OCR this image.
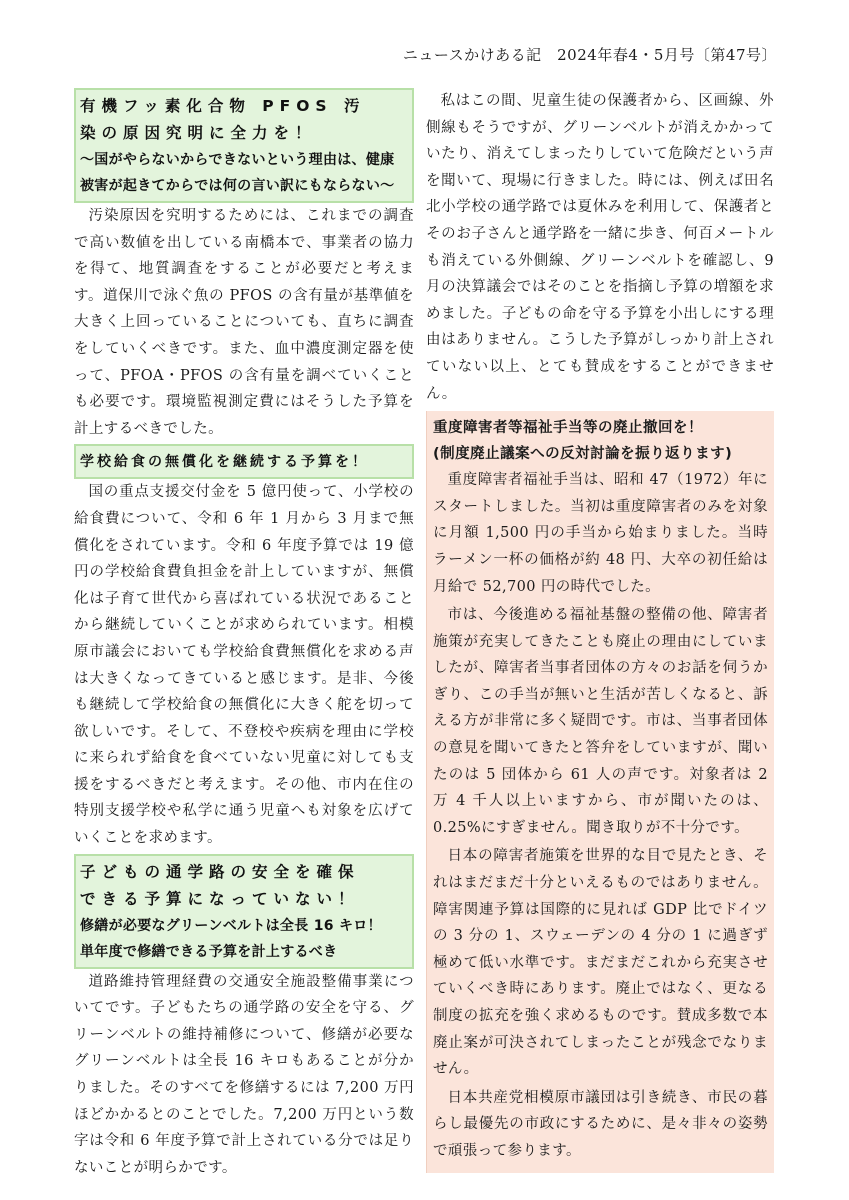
ニュースかけある記　2024年春4・5月号〔第47号〕
有機フッ素化合物 PFOS 汚
染の原因究明に全力を！
〜国がやらないからできないという理由は、健康
被害が起きてからでは何の言い訳にもならない〜

汚染原因を究明するためには、これまでの調査で高い数値を出している南橋本で、事業者の協力を得て、地質調査をすることが必要だと考えます。道保川で泳ぐ魚の PFOS の含有量が基準値を大きく上回っていることについても、直ちに調査をしていくべきです。また、血中濃度測定器を使って、PFOA・PFOS の含有量を調べていくことも必要です。環境監視測定費にはそうした予算を計上するべきでした。

学校給食の無償化を継続する予算を！

国の重点支援交付金を 5 億円使って、小学校の給食費について、令和 6 年 1 月から 3 月まで無償化をされています。令和 6 年度予算では 19 億円の学校給食費負担金を計上していますが、無償化は子育て世代から喜ばれている状況であることから継続していくことが求められています。相模原市議会においても学校給食費無償化を求める声は大きくなってきていると感じます。是非、今後も継続して学校給食の無償化に大きく舵を切って欲しいです。そして、不登校や疾病を理由に学校に来られず給食を食べていない児童に対しても支援をするべきだと考えます。その他、市内在住の特別支援学校や私学に通う児童へも対象を広げていくことを求めます。

子どもの通学路の安全を確保
できる予算になっていない！
修繕が必要なグリーンベルトは全長 16 キロ！
単年度で修繕できる予算を計上するべき

道路維持管理経費の交通安全施設整備事業についてです。子どもたちの通学路の安全を守る、グリーンベルトの維持補修について、修繕が必要なグリーンベルトは全長 16 キロもあることが分かりました。そのすべてを修繕するには 7,200 万円ほどかかるとのことでした。7,200 万円という数字は令和 6 年度予算で計上されている分では足りないことが明らかです。

私はこの間、児童生徒の保護者から、区画線、外側線もそうですが、グリーンベルトが消えかかっていたり、消えてしまったりしていて危険だという声を聞いて、現場に行きました。時には、例えば田名北小学校の通学路では夏休みを利用して、保護者とそのお子さんと通学路を一緒に歩き、何百メートルも消えている外側線、グリーンベルトを確認し、9 月の決算議会ではそのことを指摘し予算の増額を求めました。子どもの命を守る予算を小出しにする理由はありません。こうした予算がしっかり計上されていない以上、とても賛成をすることができません。

重度障害者等福祉手当等の廃止撤回を！
(制度廃止議案への反対討論を振り返ります)

重度障害者福祉手当は、昭和 47（1972）年にスタートしました。当初は重度障害者のみを対象に月額 1,500 円の手当から始まりました。当時ラーメン一杯の価格が約 48 円、大卒の初任給は月給で 52,700 円の時代でした。

市は、今後進める福祉基盤の整備の他、障害者施策が充実してきたことも廃止の理由にしていましたが、障害者当事者団体の方々のお話を伺うかぎり、この手当が無いと生活が苦しくなると、訴える方が非常に多く疑問です。市は、当事者団体の意見を聞いてきたと答弁をしていますが、聞いたのは 5 団体から 61 人の声です。対象者は 2 万 4 千人以上いますから、市が聞いたのは、0.25%にすぎません。聞き取りが不十分です。

日本の障害者施策を世界的な目で見たとき、それはまだまだ十分といえるものではありません。障害関連予算は国際的に見れば GDP 比でドイツの 3 分の 1、スウェーデンの 4 分の 1 に過ぎず極めて低い水準です。まだまだこれから充実させていくべき時にあります。廃止ではなく、更なる制度の拡充を強く求めるものです。賛成多数で本廃止案が可決されてしまったことが残念でなりません。

日本共産党相模原市議団は引き続き、市民の暮らし最優先の市政にするために、是々非々の姿勢で頑張って参ります。
